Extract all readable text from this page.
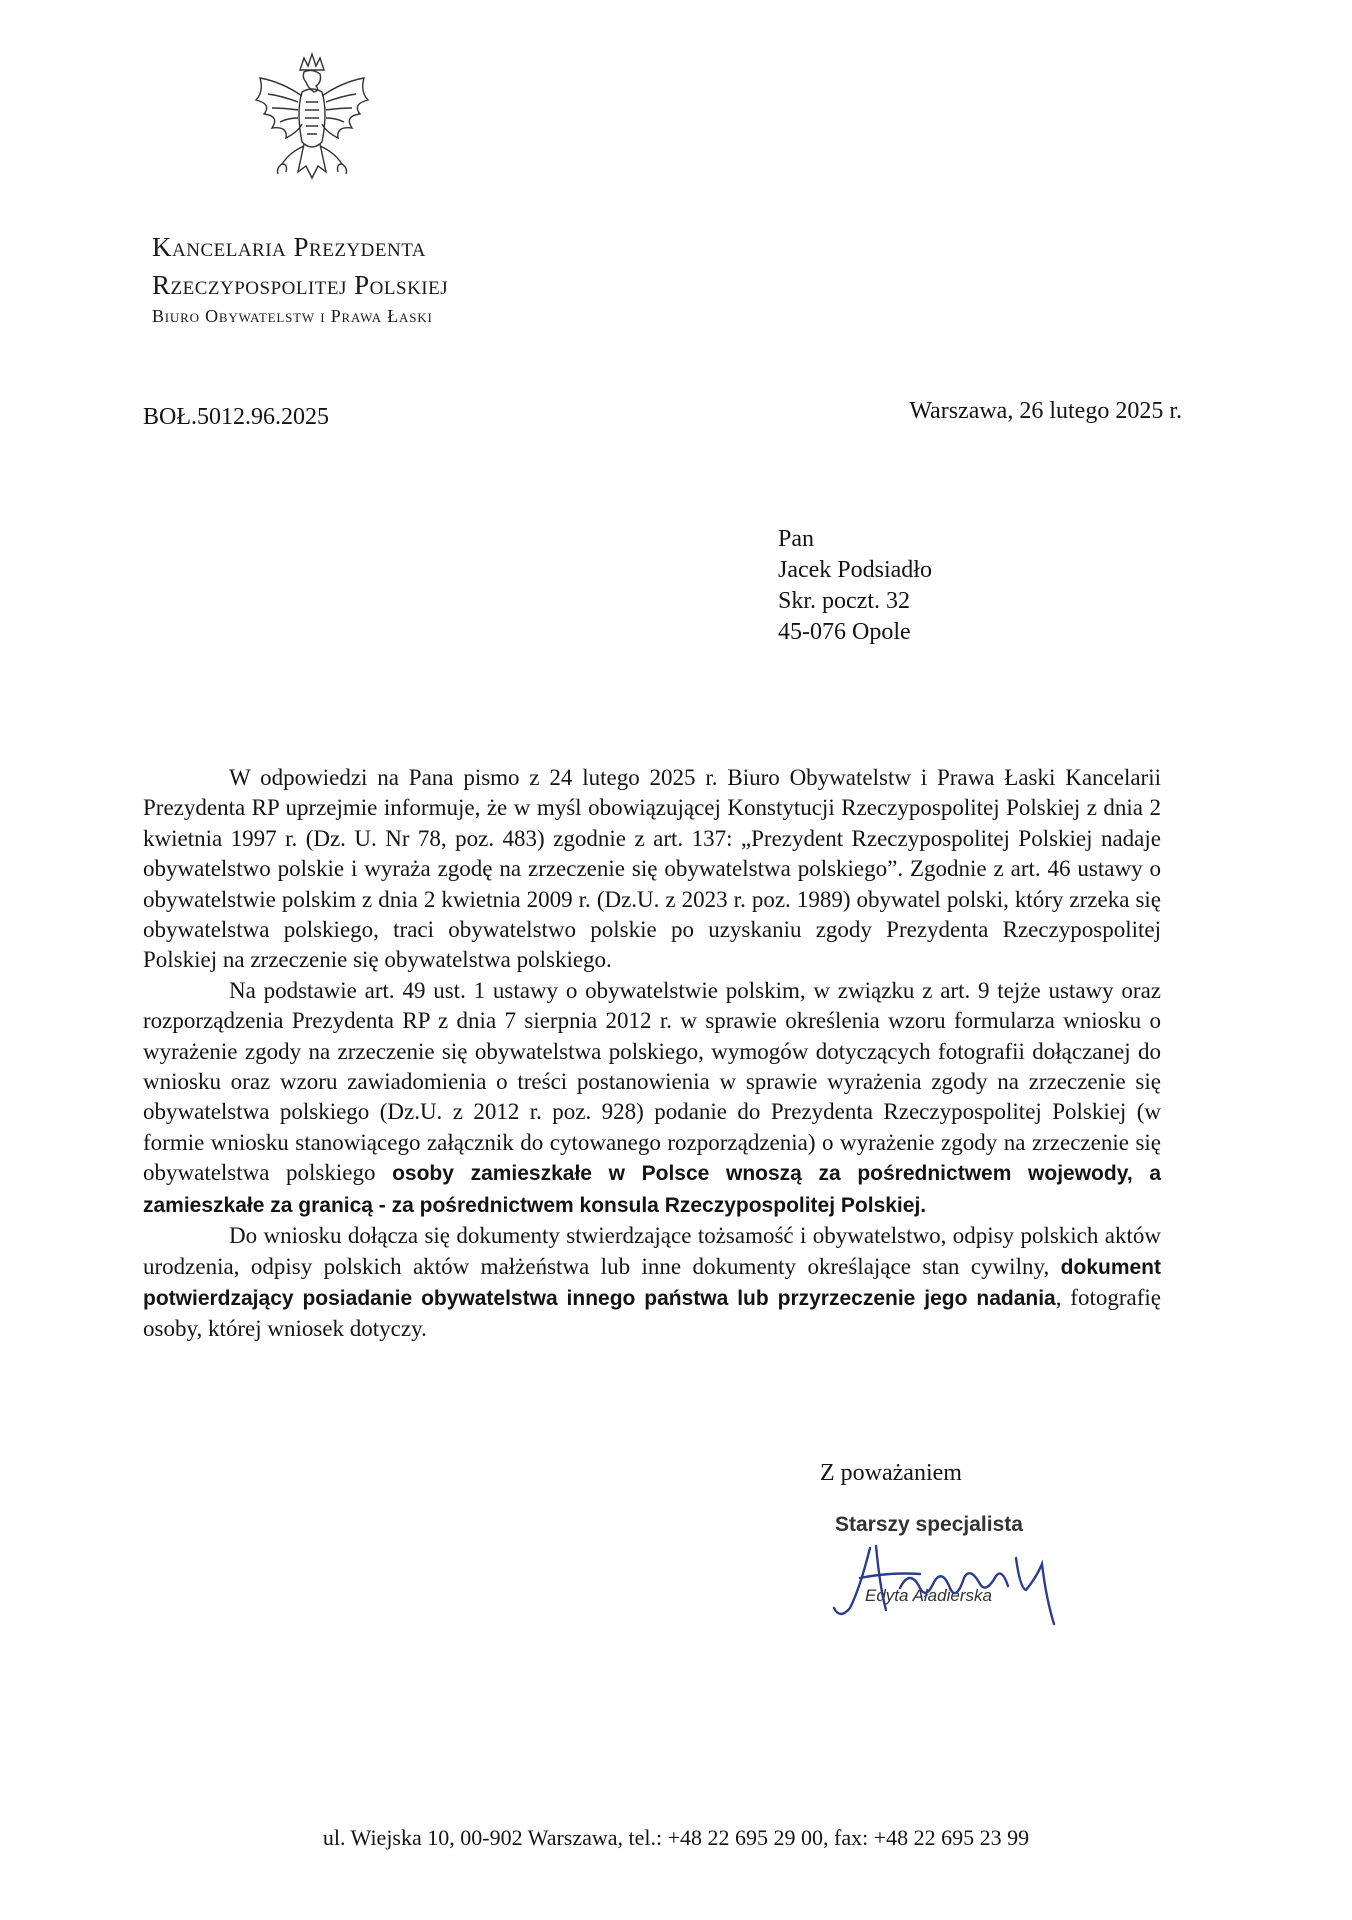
Kancelaria Prezydenta
Rzeczypospolitej Polskiej
Biuro Obywatelstw i Prawa Łaski
BOŁ.5012.96.2025	Warszawa, 26 lutego 2025 r.
Pan
Jacek Podsiadło
Skr. poczt. 32
45-076 Opole

W odpowiedzi na Pana pismo z 24 lutego 2025 r. Biuro Obywatelstw i Prawa Łaski Kancelarii Prezydenta RP uprzejmie informuje, że w myśl obowiązującej Konstytucji Rzeczypospolitej Polskiej z dnia 2 kwietnia 1997 r. (Dz. U. Nr 78, poz. 483) zgodnie z art. 137: „Prezydent Rzeczypospolitej Polskiej nadaje obywatelstwo polskie i wyraża zgodę na zrzeczenie się obywatelstwa polskiego”. Zgodnie z art. 46 ustawy o obywatelstwie polskim z dnia 2 kwietnia 2009 r. (Dz.U. z 2023 r. poz. 1989) obywatel polski, który zrzeka się obywatelstwa polskiego, traci obywatelstwo polskie po uzyskaniu zgody Prezydenta Rzeczypospolitej Polskiej na zrzeczenie się obywatelstwa polskiego.

Na podstawie art. 49 ust. 1 ustawy o obywatelstwie polskim, w związku z art. 9 tejże ustawy oraz rozporządzenia Prezydenta RP z dnia 7 sierpnia 2012 r. w sprawie określenia wzoru formularza wniosku o wyrażenie zgody na zrzeczenie się obywatelstwa polskiego, wymogów dotyczących fotografii dołączanej do wniosku oraz wzoru zawiadomienia o treści postanowienia w sprawie wyrażenia zgody na zrzeczenie się obywatelstwa polskiego (Dz.U. z 2012 r. poz. 928) podanie do Prezydenta Rzeczypospolitej Polskiej (w formie wniosku stanowiącego załącznik do cytowanego rozporządzenia) o wyrażenie zgody na zrzeczenie się obywatelstwa polskiego osoby zamieszkałe w Polsce wnoszą za pośrednictwem wojewody, a zamieszkałe za granicą - za pośrednictwem konsula Rzeczypospolitej Polskiej.

Do wniosku dołącza się dokumenty stwierdzające tożsamość i obywatelstwo, odpisy polskich aktów urodzenia, odpisy polskich aktów małżeństwa lub inne dokumenty określające stan cywilny, dokument potwierdzający posiadanie obywatelstwa innego państwa lub przyrzeczenie jego nadania, fotografię osoby, której wniosek dotyczy.

Z poważaniem
Starszy specjalista
Edyta Aładierska
ul. Wiejska 10, 00-902 Warszawa, tel.: +48 22 695 29 00, fax: +48 22 695 23 99
